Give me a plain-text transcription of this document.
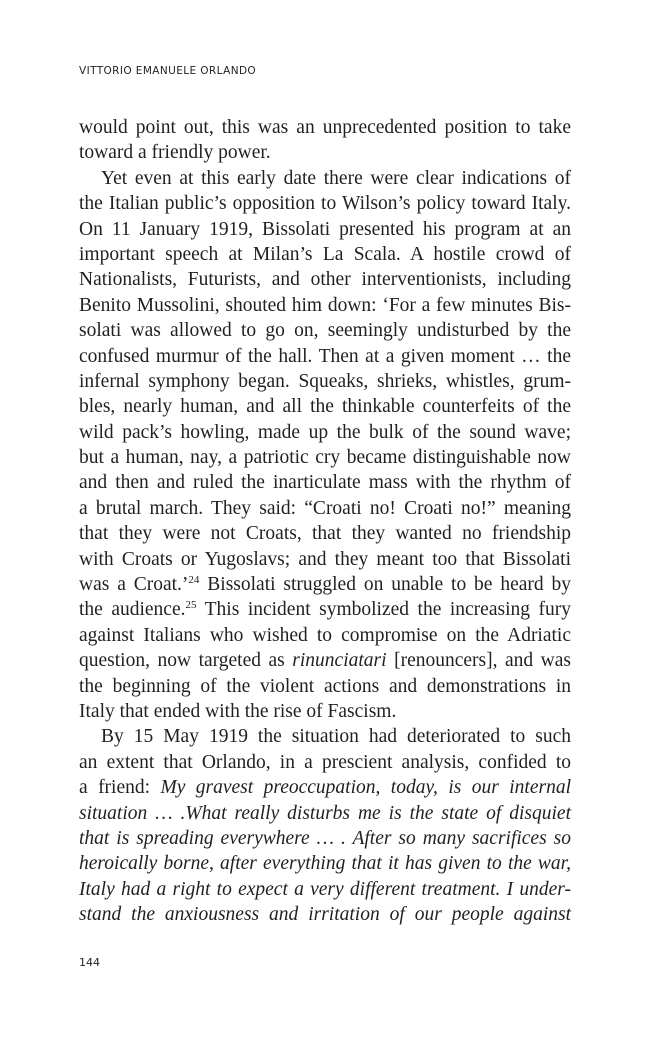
VITTORIO EMANUELE ORLANDO
would point out, this was an unprecedented position to take
toward a friendly power.
Yet even at this early date there were clear indications of
the Italian public’s opposition to Wilson’s policy toward Italy.
On 11 January 1919, Bissolati presented his program at an
important speech at Milan’s La Scala. A hostile crowd of
Nationalists, Futurists, and other interventionists, including
Benito Mussolini, shouted him down: ‘For a few minutes Bis-
solati was allowed to go on, seemingly undisturbed by the
confused murmur of the hall. Then at a given moment … the
infernal symphony began. Squeaks, shrieks, whistles, grum-
bles, nearly human, and all the thinkable counterfeits of the
wild pack’s howling, made up the bulk of the sound wave;
but a human, nay, a patriotic cry became distinguishable now
and then and ruled the inarticulate mass with the rhythm of
a brutal march. They said: “Croati no! Croati no!” meaning
that they were not Croats, that they wanted no friendship
with Croats or Yugoslavs; and they meant too that Bissolati
was a Croat.’$^{24}$ Bissolati struggled on unable to be heard by
the audience.$^{25}$ This incident symbolized the increasing fury
against Italians who wished to compromise on the Adriatic
question, now targeted as rinunciatari [renouncers], and was
the beginning of the violent actions and demonstrations in
Italy that ended with the rise of Fascism.
By 15 May 1919 the situation had deteriorated to such
an extent that Orlando, in a prescient analysis, confided to
a friend: My gravest preoccupation, today, is our internal
situation … .What really disturbs me is the state of disquiet
that is spreading everywhere … . After so many sacrifices so
heroically borne, after everything that it has given to the war,
Italy had a right to expect a very different treatment. I under-
stand the anxiousness and irritation of our people against
144
